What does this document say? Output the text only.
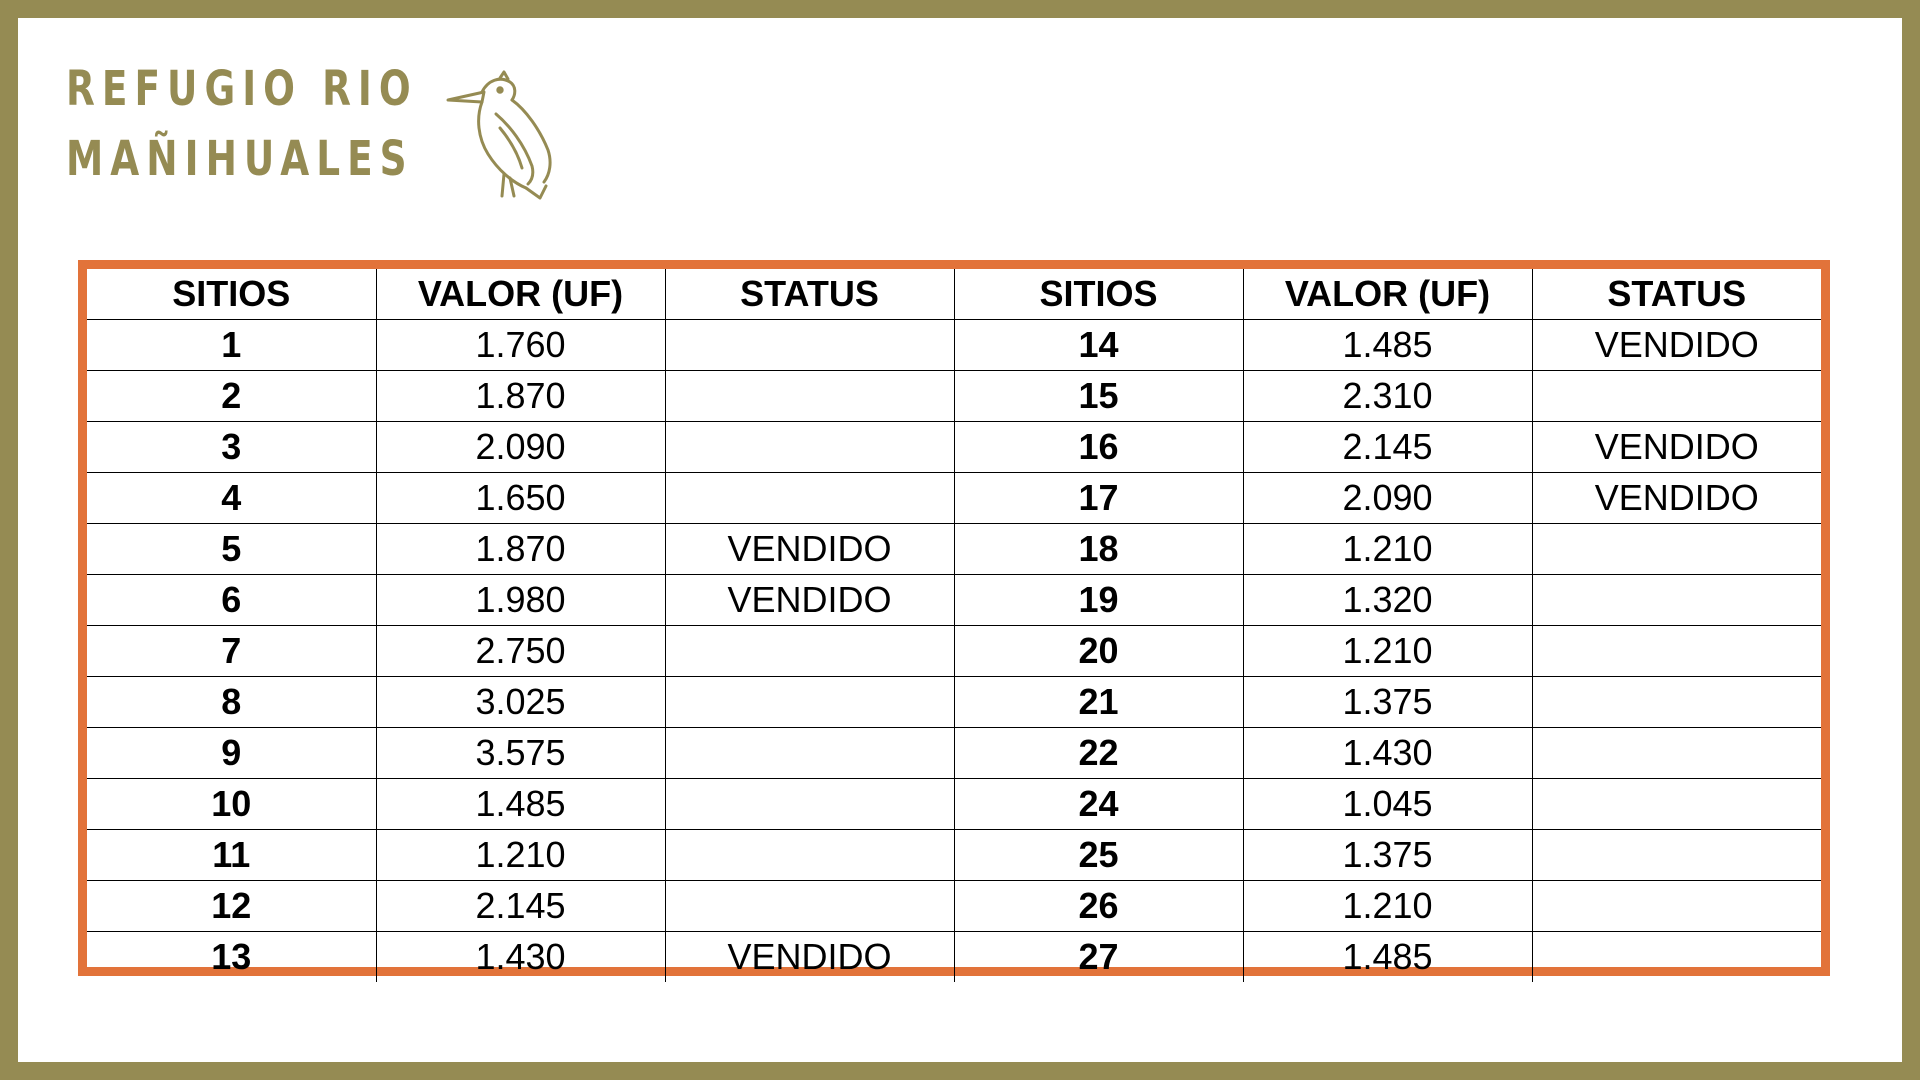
REFUGIO RIO
MAÑIHUALES
SITIOS	VALOR (UF)	STATUS	SITIOS	VALOR (UF)	STATUS
1	1.760		14	1.485	VENDIDO
2	1.870		15	2.310	
3	2.090		16	2.145	VENDIDO
4	1.650		17	2.090	VENDIDO
5	1.870	VENDIDO	18	1.210	
6	1.980	VENDIDO	19	1.320	
7	2.750		20	1.210	
8	3.025		21	1.375	
9	3.575		22	1.430	
10	1.485		24	1.045	
11	1.210		25	1.375	
12	2.145		26	1.210	
13	1.430	VENDIDO	27	1.485	
